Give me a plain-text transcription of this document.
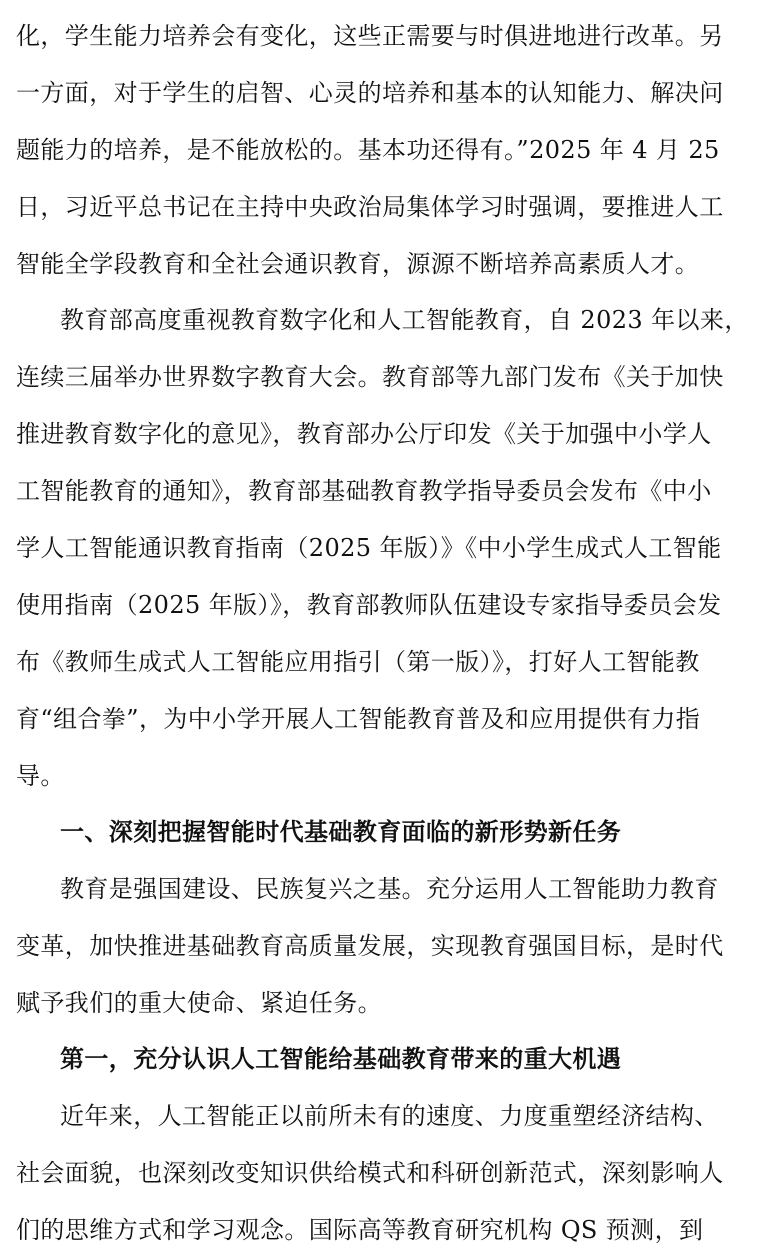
化，学生能力培养会有变化，这些正需要与时俱进地进行改革。另
一方面，对于学生的启智、心灵的培养和基本的认知能力、解决问
题能力的培养，是不能放松的。基本功还得有。”2025 年 4 月 25
日，习近平总书记在主持中央政治局集体学习时强调，要推进人工
智能全学段教育和全社会通识教育，源源不断培养高素质人才。
教育部高度重视教育数字化和人工智能教育，自 2023 年以来，
连续三届举办世界数字教育大会。教育部等九部门发布《关于加快
推进教育数字化的意见》，教育部办公厅印发《关于加强中小学人
工智能教育的通知》，教育部基础教育教学指导委员会发布《中小
学人工智能通识教育指南（2025 年版）》《中小学生成式人工智能
使用指南（2025 年版）》，教育部教师队伍建设专家指导委员会发
布《教师生成式人工智能应用指引（第一版）》，打好人工智能教
育“组合拳”，为中小学开展人工智能教育普及和应用提供有力指
导。
一、深刻把握智能时代基础教育面临的新形势新任务
教育是强国建设、民族复兴之基。充分运用人工智能助力教育
变革，加快推进基础教育高质量发展，实现教育强国目标，是时代
赋予我们的重大使命、紧迫任务。
第一，充分认识人工智能给基础教育带来的重大机遇
近年来，人工智能正以前所未有的速度、力度重塑经济结构、
社会面貌，也深刻改变知识供给模式和科研创新范式，深刻影响人
们的思维方式和学习观念。国际高等教育研究机构 QS 预测，到
